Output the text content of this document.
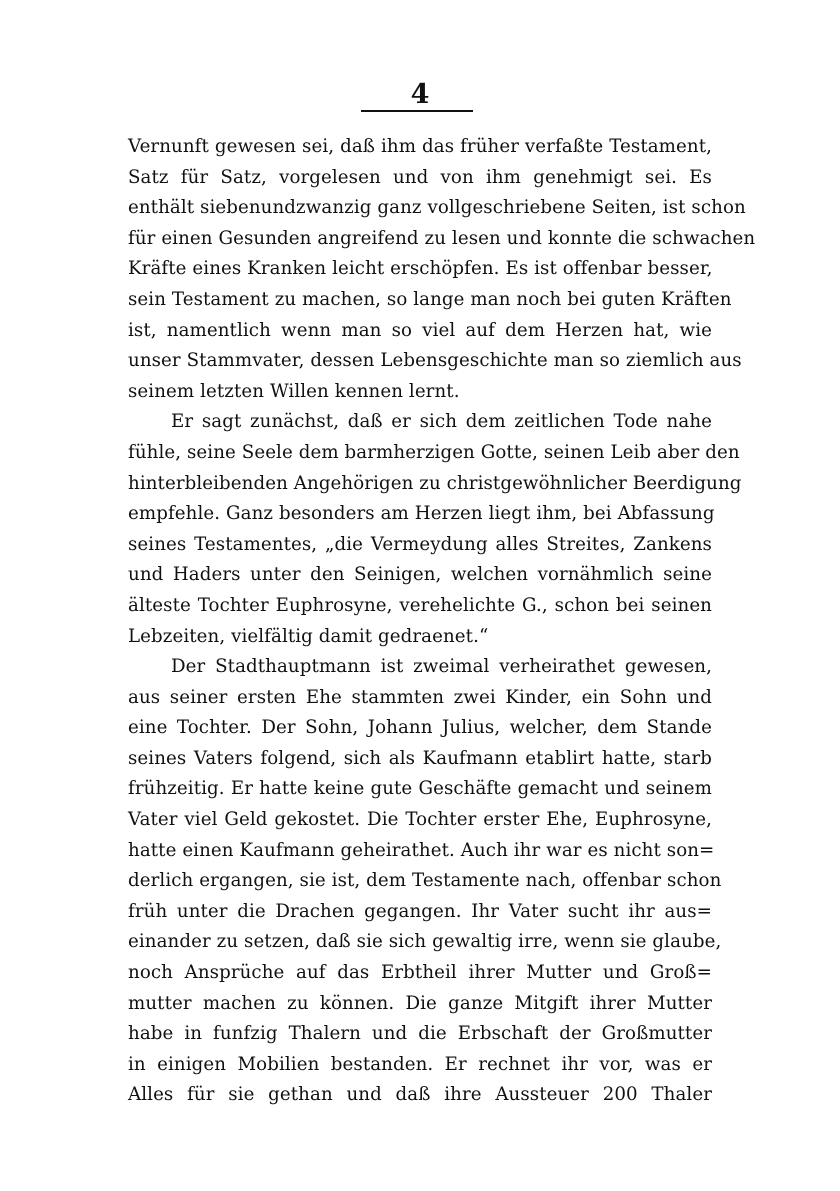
4
Vernunft gewesen sei, daß ihm das früher verfaßte Testament,
Satz für Satz, vorgelesen und von ihm genehmigt sei. Es
enthält siebenundzwanzig ganz vollgeschriebene Seiten, ist schon
für einen Gesunden angreifend zu lesen und konnte die schwachen
Kräfte eines Kranken leicht erschöpfen. Es ist offenbar besser,
sein Testament zu machen, so lange man noch bei guten Kräften
ist, namentlich wenn man so viel auf dem Herzen hat, wie
unser Stammvater, dessen Lebensgeschichte man so ziemlich aus
seinem letzten Willen kennen lernt.
Er sagt zunächst, daß er sich dem zeitlichen Tode nahe
fühle, seine Seele dem barmherzigen Gotte, seinen Leib aber den
hinterbleibenden Angehörigen zu christgewöhnlicher Beerdigung
empfehle. Ganz besonders am Herzen liegt ihm, bei Abfassung
seines Testamentes, „die Vermeydung alles Streites, Zankens
und Haders unter den Seinigen, welchen vornähmlich seine
älteste Tochter Euphrosyne, verehelichte G., schon bei seinen
Lebzeiten, vielfältig damit gedraenet.“
Der Stadthauptmann ist zweimal verheirathet gewesen,
aus seiner ersten Ehe stammten zwei Kinder, ein Sohn und
eine Tochter. Der Sohn, Johann Julius, welcher, dem Stande
seines Vaters folgend, sich als Kaufmann etablirt hatte, starb
frühzeitig. Er hatte keine gute Geschäfte gemacht und seinem
Vater viel Geld gekostet. Die Tochter erster Ehe, Euphrosyne,
hatte einen Kaufmann geheirathet. Auch ihr war es nicht son=
derlich ergangen, sie ist, dem Testamente nach, offenbar schon
früh unter die Drachen gegangen. Ihr Vater sucht ihr aus=
einander zu setzen, daß sie sich gewaltig irre, wenn sie glaube,
noch Ansprüche auf das Erbtheil ihrer Mutter und Groß=
mutter machen zu können. Die ganze Mitgift ihrer Mutter
habe in funfzig Thalern und die Erbschaft der Großmutter
in einigen Mobilien bestanden. Er rechnet ihr vor, was er
Alles für sie gethan und daß ihre Aussteuer 200 Thaler
